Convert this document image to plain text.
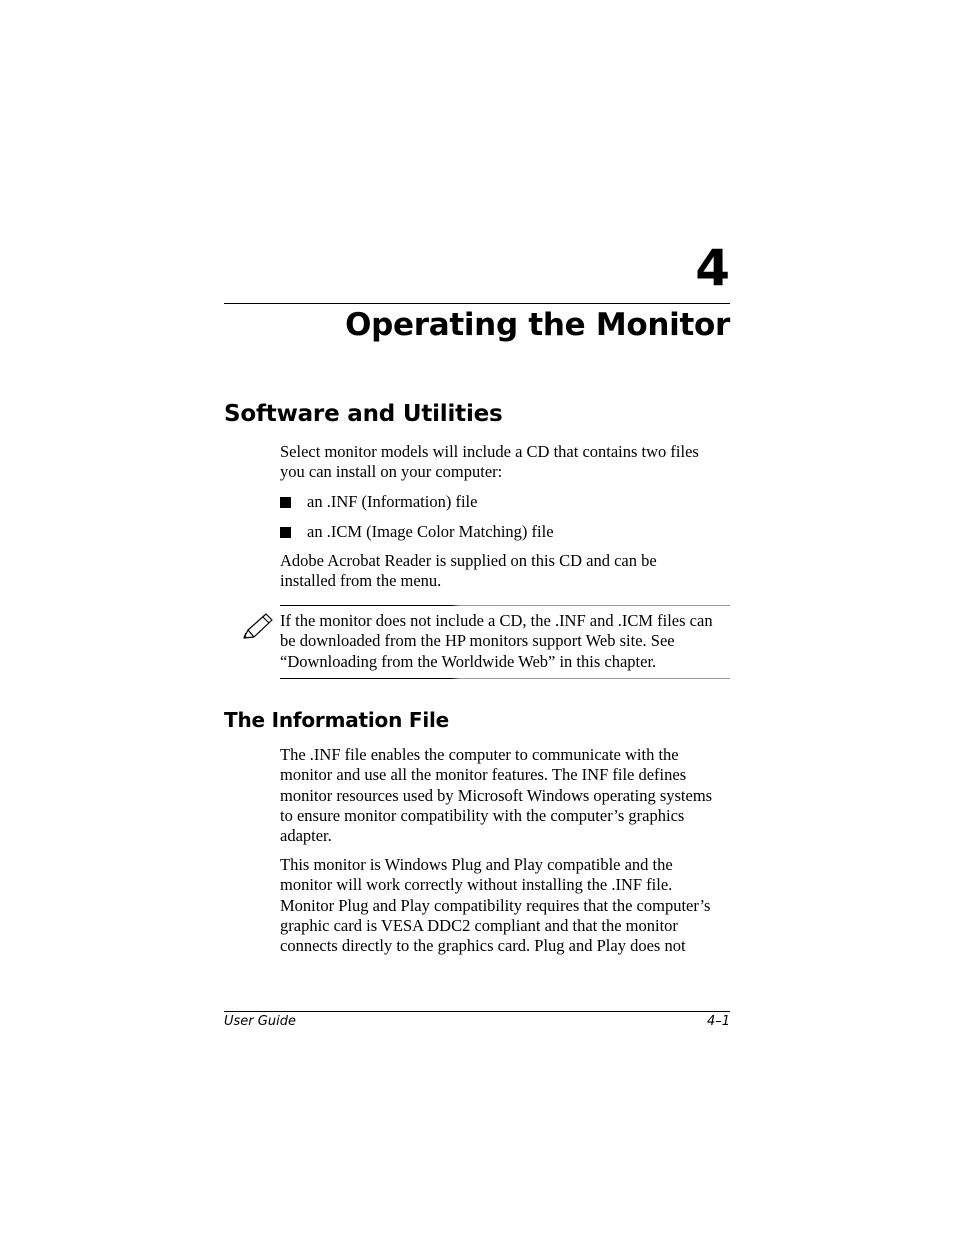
4
Operating the Monitor
Software and Utilities

Select monitor models will include a CD that contains two files

you can install on your computer:

an .INF (Information) file
an .ICM (Image Color Matching) file

Adobe Acrobat Reader is supplied on this CD and can be

installed from the menu.

If the monitor does not include a CD, the .INF and .ICM files can

be downloaded from the HP monitors support Web site. See

“Downloading from the Worldwide Web” in this chapter.

The Information File

The .INF file enables the computer to communicate with the

monitor and use all the monitor features. The INF file defines

monitor resources used by Microsoft Windows operating systems

to ensure monitor compatibility with the computer’s graphics

adapter.

This monitor is Windows Plug and Play compatible and the

monitor will work correctly without installing the .INF file.

Monitor Plug and Play compatibility requires that the computer’s

graphic card is VESA DDC2 compliant and that the monitor

connects directly to the graphics card. Plug and Play does not

User Guide	4–1
